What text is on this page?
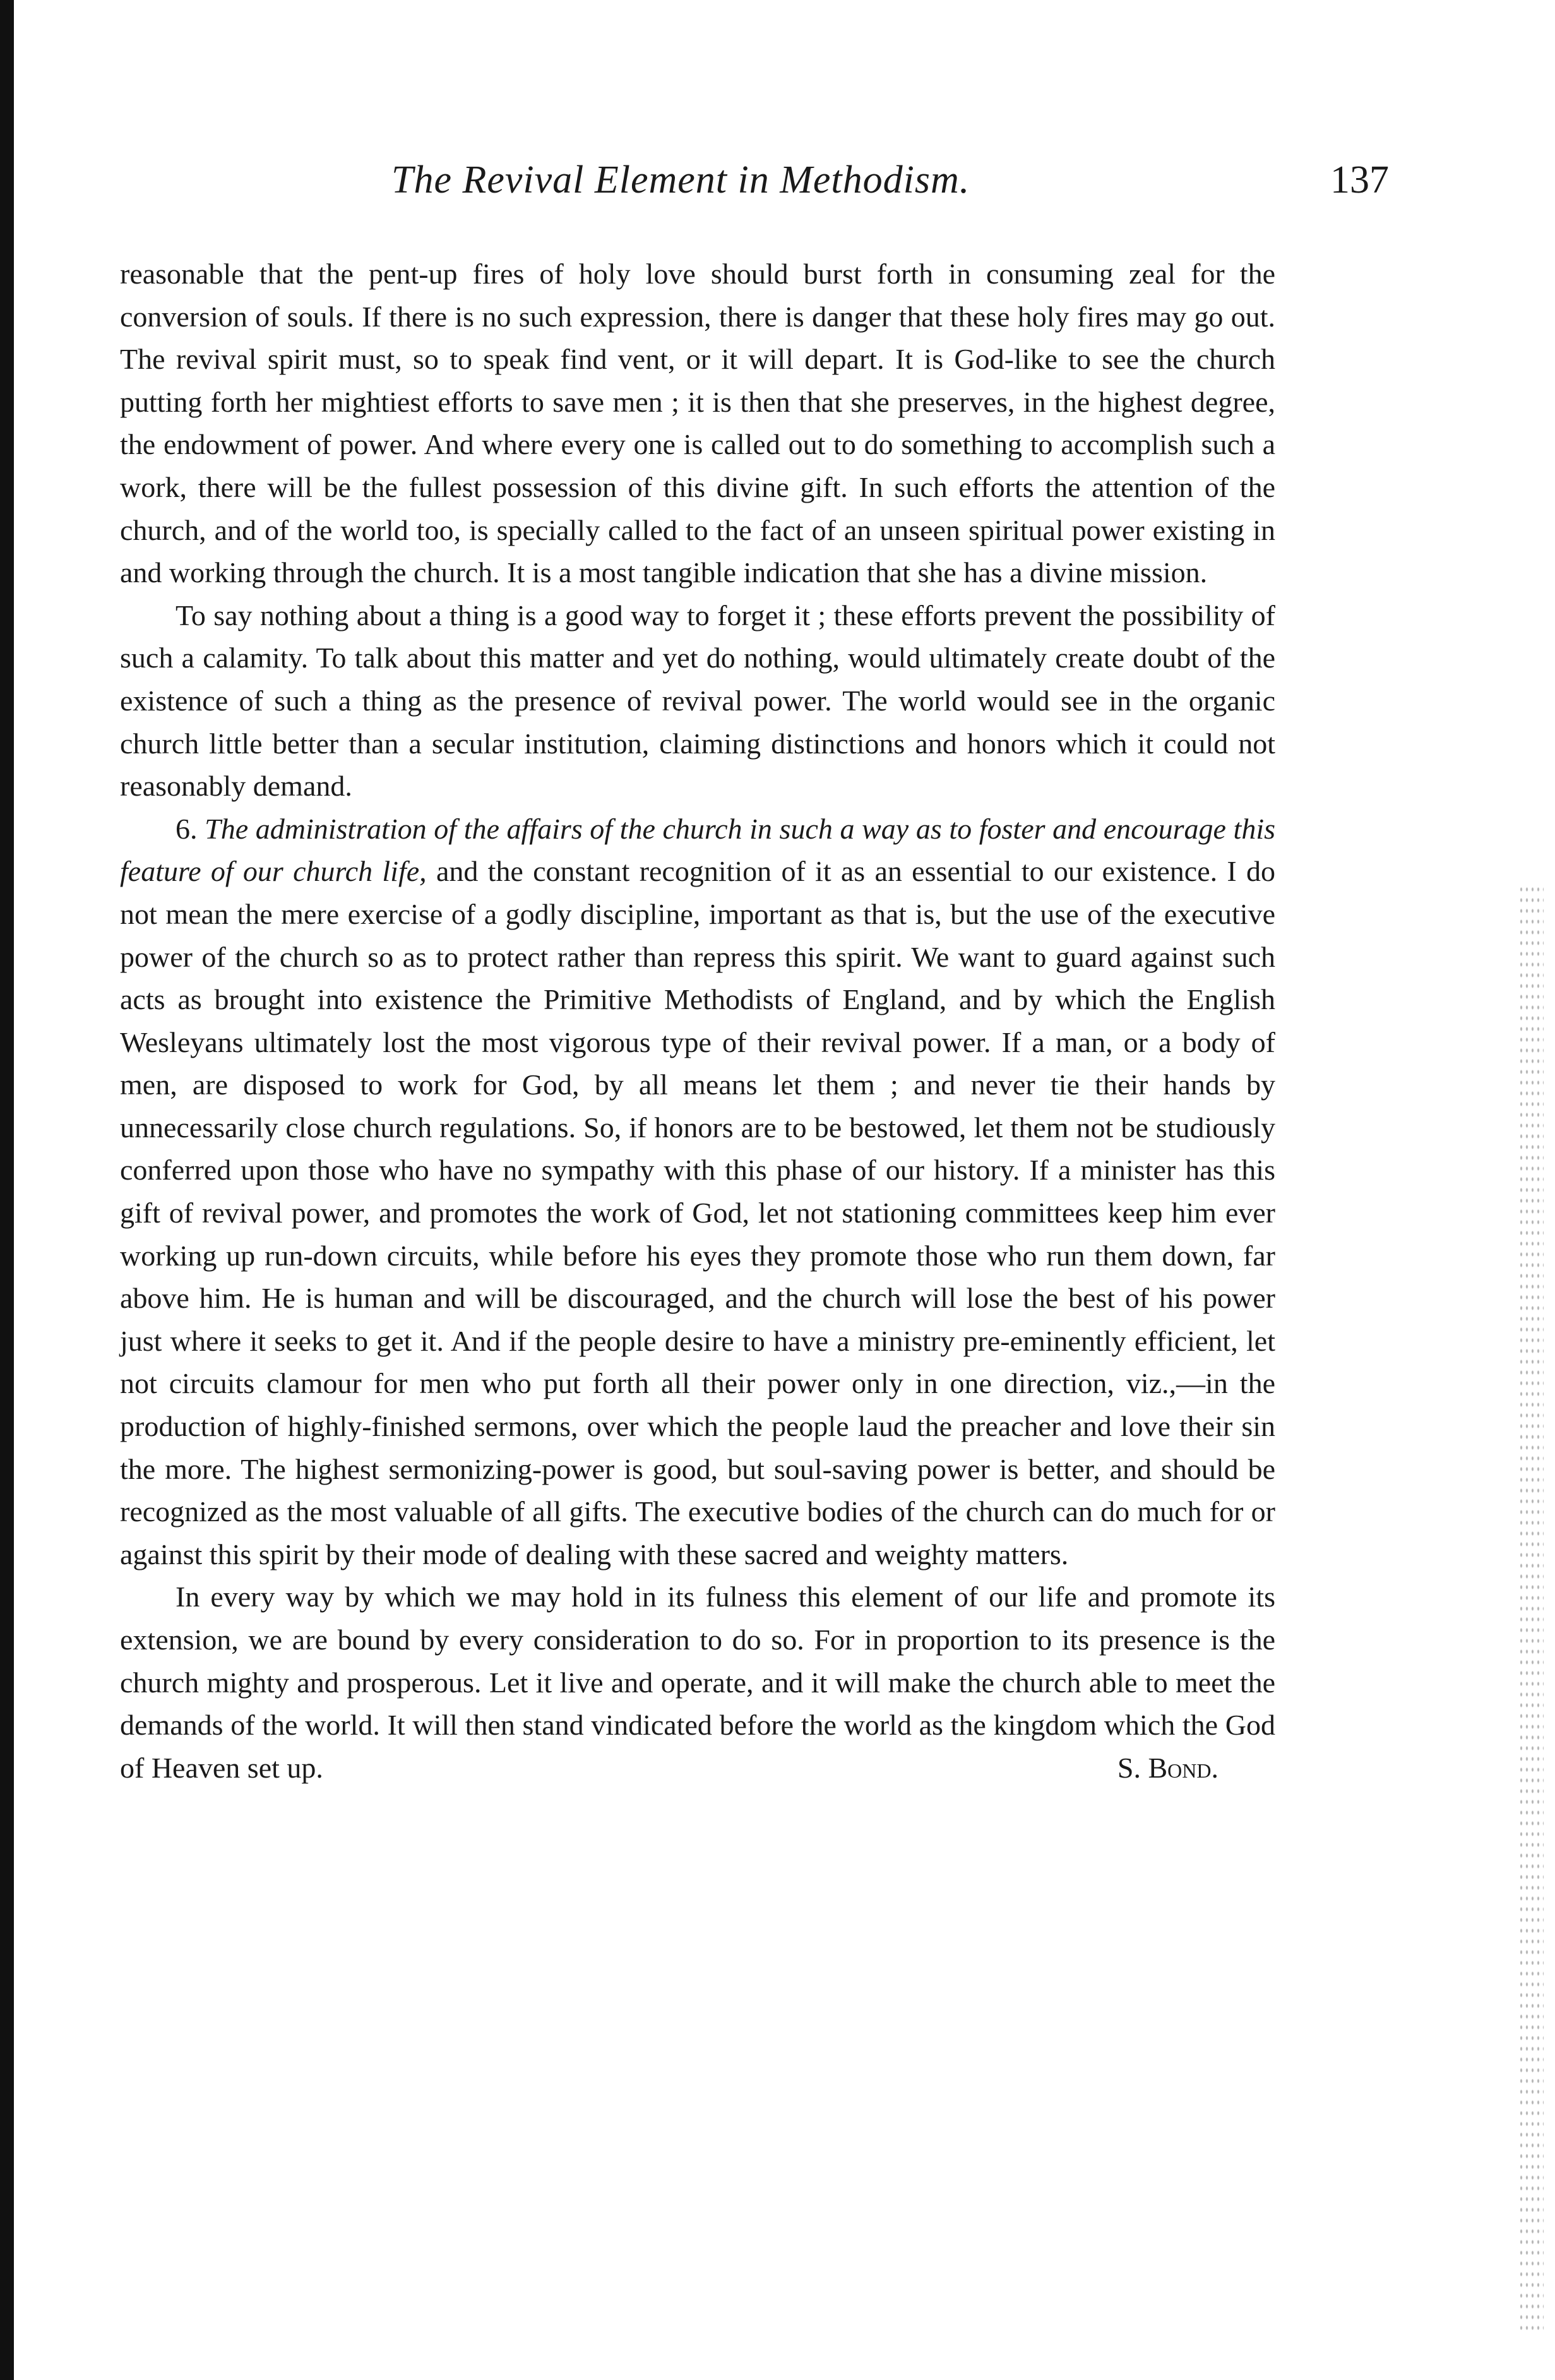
The Revival Element in Methodism.	137

reasonable that the pent-up fires of holy love should burst forth in consuming zeal for the conversion of souls. If there is no such expression, there is danger that these holy fires may go out. The revival spirit must, so to speak find vent, or it will depart. It is God-like to see the church putting forth her mightiest efforts to save men ; it is then that she preserves, in the highest degree, the endowment of power. And where every one is called out to do something to accomplish such a work, there will be the fullest possession of this divine gift. In such efforts the attention of the church, and of the world too, is specially called to the fact of an unseen spiritual power existing in and working through the church. It is a most tangible indication that she has a divine mission.

To say nothing about a thing is a good way to forget it ; these efforts prevent the possibility of such a calamity. To talk about this matter and yet do nothing, would ultimately create doubt of the existence of such a thing as the presence of revival power. The world would see in the organic church little better than a secular institution, claiming distinctions and honors which it could not reasonably demand.

6. The administration of the affairs of the church in such a way as to foster and encourage this feature of our church life, and the constant recognition of it as an essential to our existence. I do not mean the mere exercise of a godly discipline, important as that is, but the use of the executive power of the church so as to protect rather than repress this spirit. We want to guard against such acts as brought into existence the Primitive Methodists of England, and by which the English Wesleyans ultimately lost the most vigorous type of their revival power. If a man, or a body of men, are disposed to work for God, by all means let them ; and never tie their hands by unnecessarily close church regulations. So, if honors are to be bestowed, let them not be studiously conferred upon those who have no sympathy with this phase of our history. If a minister has this gift of revival power, and promotes the work of God, let not stationing committees keep him ever working up run-down circuits, while before his eyes they promote those who run them down, far above him. He is human and will be discouraged, and the church will lose the best of his power just where it seeks to get it. And if the people desire to have a ministry pre-eminently efficient, let not circuits clamour for men who put forth all their power only in one direction, viz.,—in the production of highly-finished sermons, over which the people laud the preacher and love their sin the more. The highest sermonizing-power is good, but soul-saving power is better, and should be recognized as the most valuable of all gifts. The executive bodies of the church can do much for or against this spirit by their mode of dealing with these sacred and weighty matters.

In every way by which we may hold in its fulness this element of our life and promote its extension, we are bound by every consideration to do so. For in proportion to its presence is the church mighty and prosperous. Let it live and operate, and it will make the church able to meet the demands of the world. It will then stand vindicated before the world as the kingdom which the God of Heaven set up.	S. Bond.
